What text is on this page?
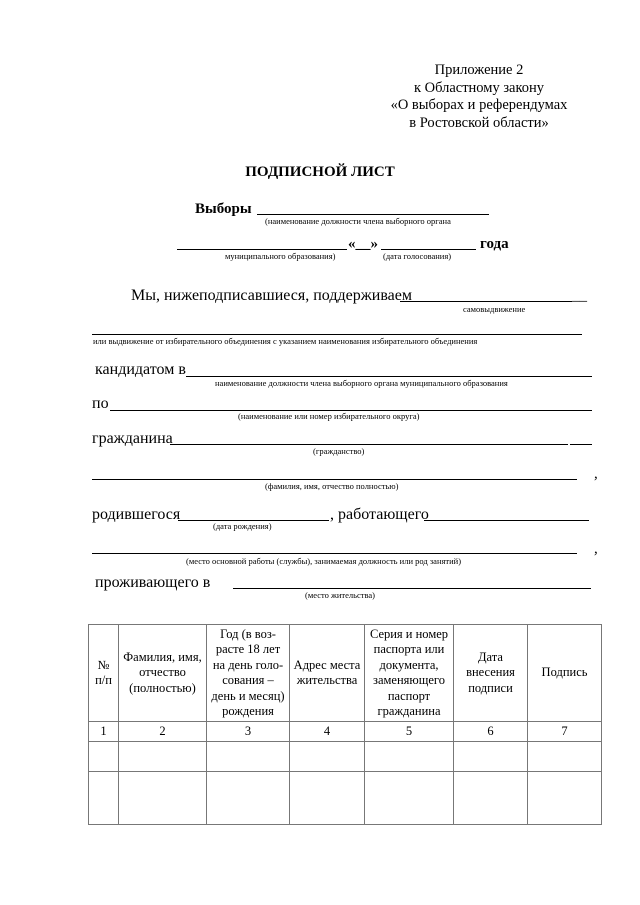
Приложение 2
к Областному закону
«О выборах и референдумах
в Ростовской области»
ПОДПИСНОЙ ЛИСТ
Выборы
(наименование должности члена выборного органа
«__»	года
муниципального образования)	(дата голосования)
Мы, нижеподписавшиеся, поддерживаем	__
самовыдвижение
или выдвижение от избирательного объединения с указанием наименования избирательного объединения
кандидатом в
наименование должности члена выборного органа муниципального образования
по
(наименование или номер избирательного округа)
гражданина
(гражданство)
,
(фамилия, имя, отчество полностью)
родившегося	, работающего
(дата рождения)
,
(место основной работы (службы), занимаемая должность или род занятий)
проживающего в
(место жительства)
№ п/п	Фамилия, имя, отчество (полностью)	Год (в воз-расте 18 лет на день голо-сования – день и месяц) рождения	Адрес места жительства	Серия и номер паспорта или документа, заменяющего паспорт гражданина	Дата внесения подписи	Подпись
1	2	3	4	5	6	7
